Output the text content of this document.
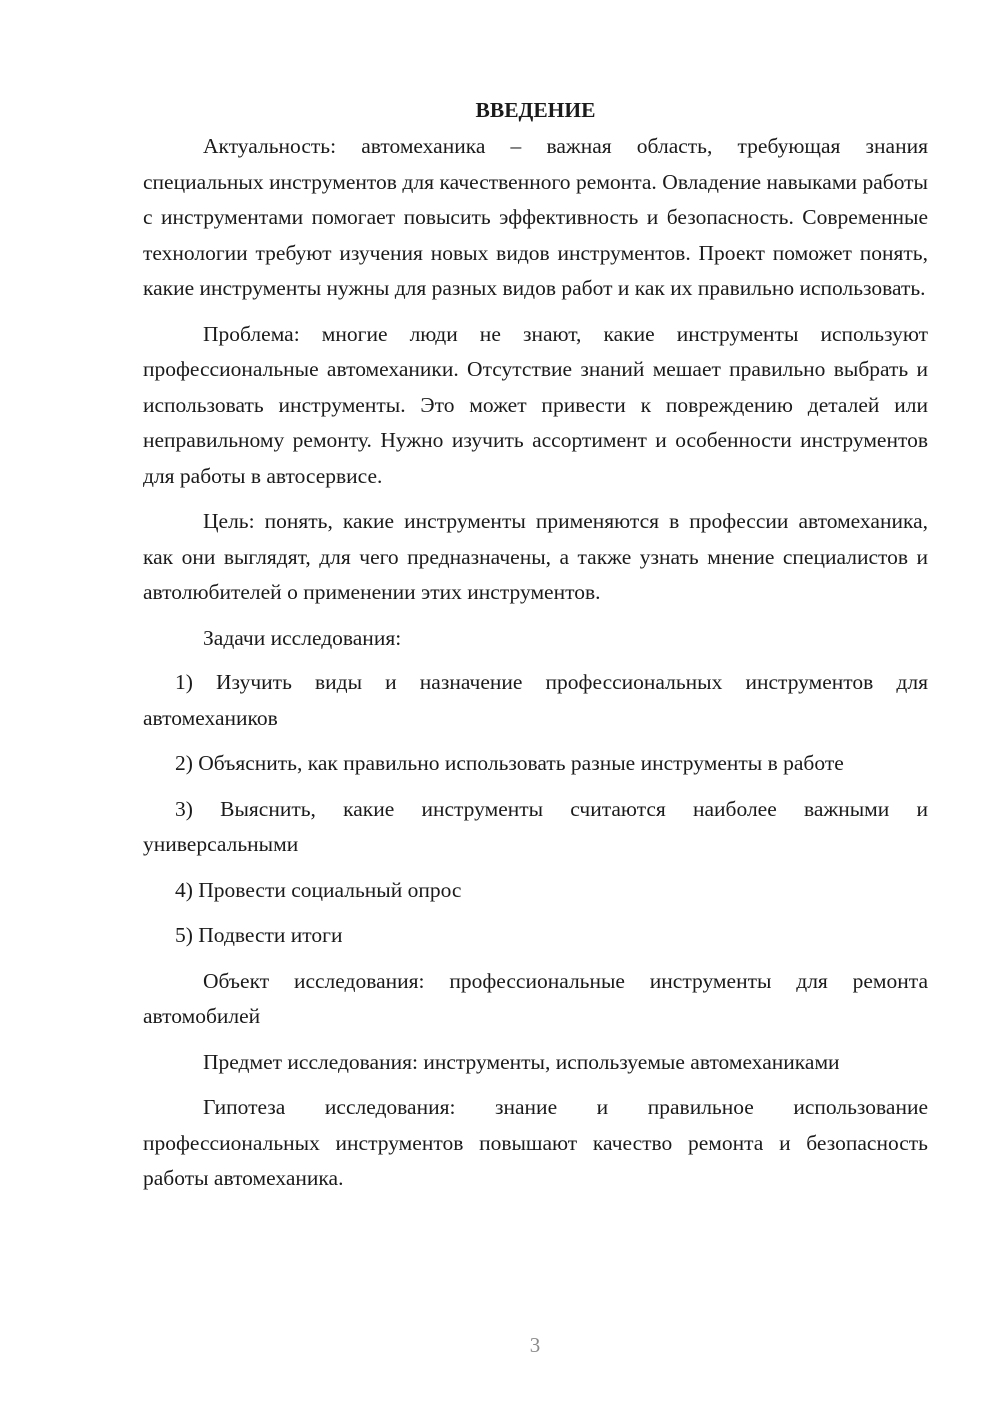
ВВЕДЕНИЕ

Актуальность: автомеханика – важная область, требующая знания специальных инструментов для качественного ремонта. Овладение навыками работы с инструментами помогает повысить эффективность и безопасность. Современные технологии требуют изучения новых видов инструментов. Проект поможет понять, какие инструменты нужны для разных видов работ и как их правильно использовать.

Проблема: многие люди не знают, какие инструменты используют профессиональные автомеханики. Отсутствие знаний мешает правильно выбрать и использовать инструменты. Это может привести к повреждению деталей или неправильному ремонту. Нужно изучить ассортимент и особенности инструментов для работы в автосервисе.

Цель: понять, какие инструменты применяются в профессии автомеханика, как они выглядят, для чего предназначены, а также узнать мнение специалистов и автолюбителей о применении этих инструментов.

Задачи исследования:

1) Изучить виды и назначение профессиональных инструментов для автомехаников

2) Объяснить, как правильно использовать разные инструменты в работе

3) Выяснить, какие инструменты считаются наиболее важными и универсальными

4) Провести социальный опрос

5) Подвести итоги

Объект исследования: профессиональные инструменты для ремонта автомобилей

Предмет исследования: инструменты, используемые автомеханиками

Гипотеза исследования: знание и правильное использование профессиональных инструментов повышают качество ремонта и безопасность работы автомеханика.

3
